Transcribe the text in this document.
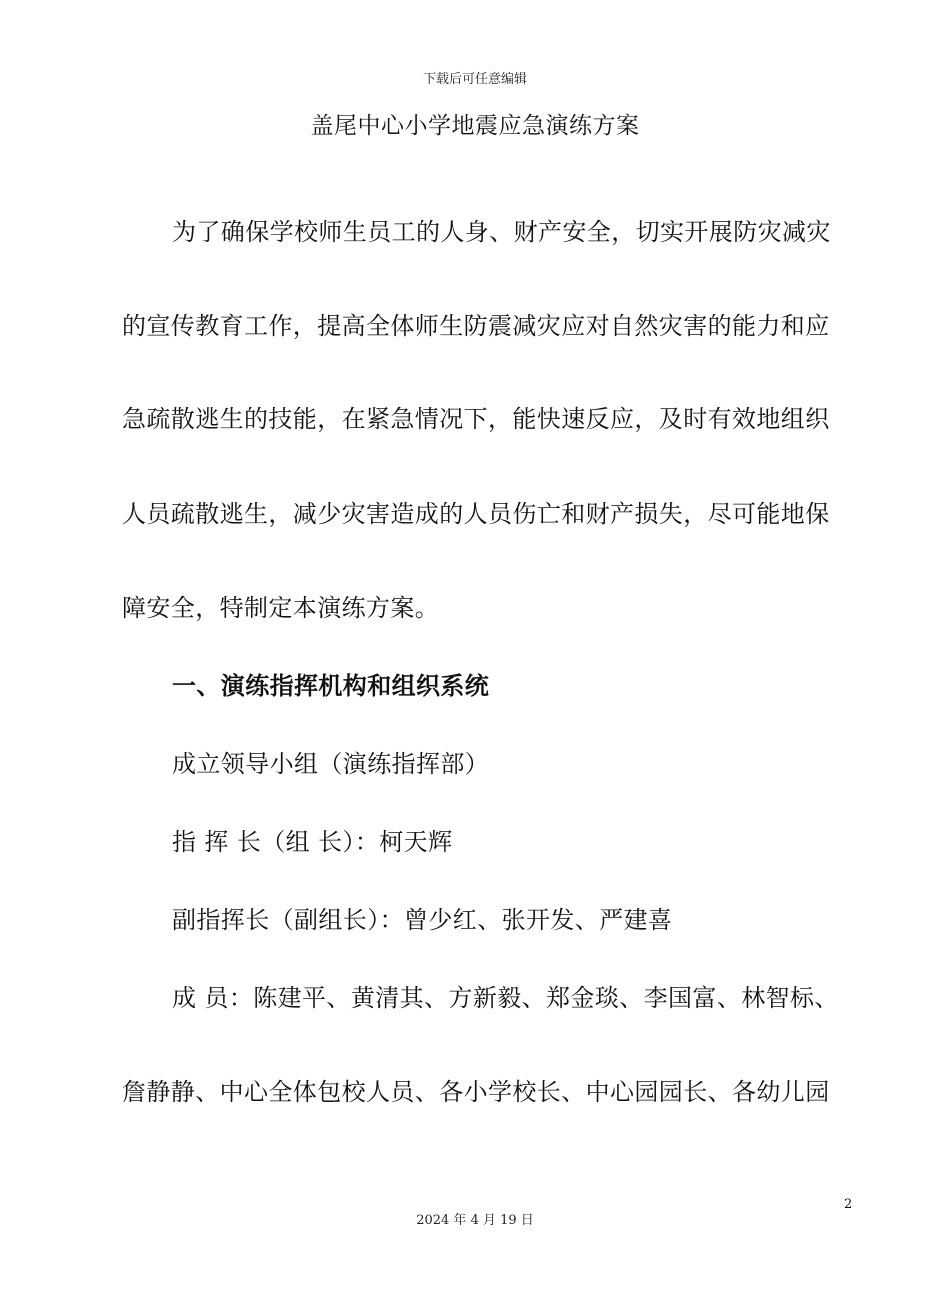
下载后可任意编辑
盖尾中心小学地震应急演练方案
为了确保学校师生员工的人身、财产安全，切实开展防灾减灾
的宣传教育工作，提高全体师生防震减灾应对自然灾害的能力和应
急疏散逃生的技能，在紧急情况下，能快速反应，及时有效地组织
人员疏散逃生，减少灾害造成的人员伤亡和财产损失，尽可能地保
障安全，特制定本演练方案。
一、演练指挥机构和组织系统
成立领导小组（演练指挥部）
指 挥 长（组 长）：柯天辉
副指挥长（副组长）：曾少红、张开发、严建喜
成 员：陈建平、黄清其、方新毅、郑金琰、李国富、林智标、
詹静静、中心全体包校人员、各小学校长、中心园园长、各幼儿园
2
2024 年 4 月 19 日
